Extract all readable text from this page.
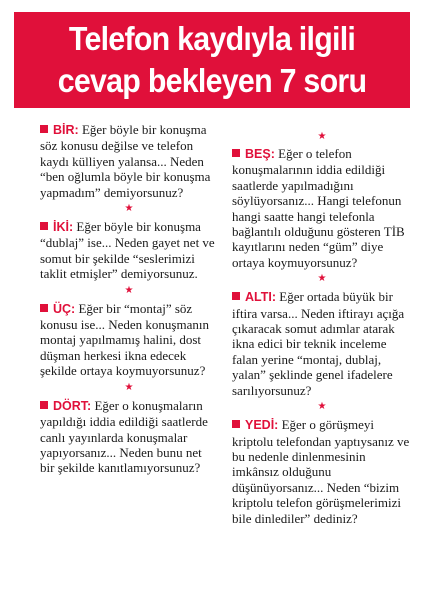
Telefon kaydıyla ilgili
cevap bekleyen 7 soru

BİR: Eğer böyle bir konuşma söz konusu değilse ve telefon kaydı külliyen yalansa... Neden “ben oğlumla böyle bir konuşma yapmadım” demiyorsunuz?

★

İKİ: Eğer böyle bir konuşma “dublaj” ise... Neden gayet net ve somut bir şekilde “seslerimizi taklit etmişler” demiyorsunuz.

★

ÜÇ: Eğer bir “montaj” söz konusu ise... Neden konuşmanın montaj yapılmamış halini, dost düşman herkesi ikna edecek şekilde ortaya koymuyorsunuz?

★

DÖRT: Eğer o konuşmaların yapıldığı iddia edildiği saatlerde canlı yayınlarda konuşmalar yapıyorsanız... Neden bunu net bir şekilde kanıtlamıyorsunuz?

★

BEŞ: Eğer o telefon konuşmalarının iddia edildiği saatlerde yapılmadığını söylüyorsanız... Hangi telefonun hangi saatte hangi telefonla bağlantılı olduğunu gösteren TİB kayıtlarını neden “güm” diye ortaya koymuyorsunuz?

★

ALTI: Eğer ortada büyük bir iftira varsa... Neden iftirayı açığa çıkaracak somut adımlar atarak ikna edici bir teknik inceleme falan yerine “montaj, dublaj, yalan” şeklinde genel ifadelere sarılıyorsunuz?

★

YEDİ: Eğer o görüşmeyi kriptolu telefondan yaptıysanız ve bu nedenle dinlenmesinin imkânsız olduğunu düşünüyorsanız... Neden “bizim kriptolu telefon görüşmelerimizi bile dinlediler” dediniz?
